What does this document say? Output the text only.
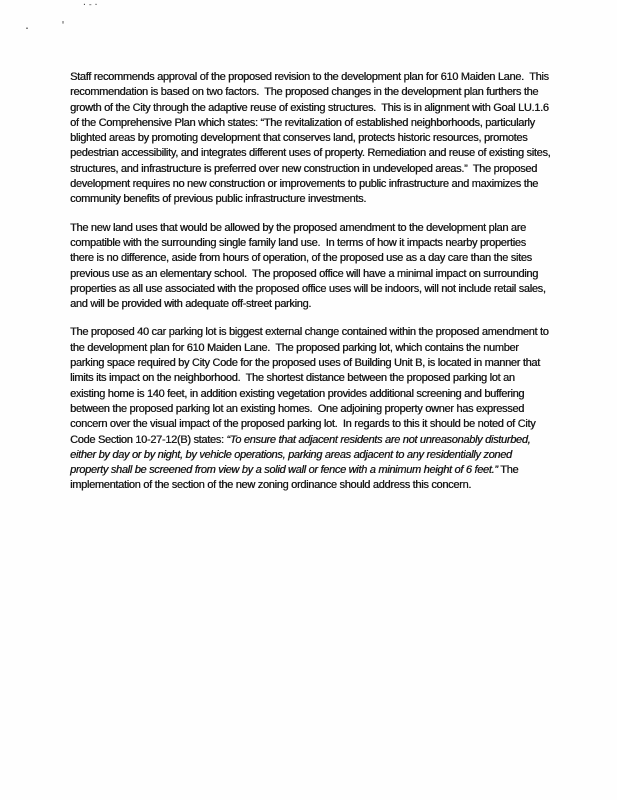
·-·
.	'

Staff recommends approval of the proposed revision to the development plan for 610 Maiden Lane.  This recommendation is based on two factors.  The proposed changes in the development plan furthers the growth of the City through the adaptive reuse of existing structures.  This is in alignment with Goal LU.1.6 of the Comprehensive Plan which states: “The revitalization of established neighborhoods, particularly blighted areas by promoting development that conserves land, protects historic resources, promotes pedestrian accessibility, and integrates different uses of property. Remediation and reuse of existing sites, structures, and infrastructure is preferred over new construction in undeveloped areas.”  The proposed development requires no new construction or improvements to public infrastructure and maximizes the community benefits of previous public infrastructure investments.

The new land uses that would be allowed by the proposed amendment to the development plan are compatible with the surrounding single family land use.  In terms of how it impacts nearby properties there is no difference, aside from hours of operation, of the proposed use as a day care than the sites previous use as an elementary school.  The proposed office will have a minimal impact on surrounding properties as all use associated with the proposed office uses will be indoors, will not include retail sales, and will be provided with adequate off-street parking.

The proposed 40 car parking lot is biggest external change contained within the proposed amendment to the development plan for 610 Maiden Lane.  The proposed parking lot, which contains the number parking space required by City Code for the proposed uses of Building Unit B, is located in manner that limits its impact on the neighborhood.  The shortest distance between the proposed parking lot an existing home is 140 feet, in addition existing vegetation provides additional screening and buffering between the proposed parking lot an existing homes.  One adjoining property owner has expressed concern over the visual impact of the proposed parking lot.  In regards to this it should be noted of City Code Section 10-27-12(B) states: “To ensure that adjacent residents are not unreasonably disturbed, either by day or by night, by vehicle operations, parking areas adjacent to any residentially zoned property shall be screened from view by a solid wall or fence with a minimum height of 6 feet.” The implementation of the section of the new zoning ordinance should address this concern.
